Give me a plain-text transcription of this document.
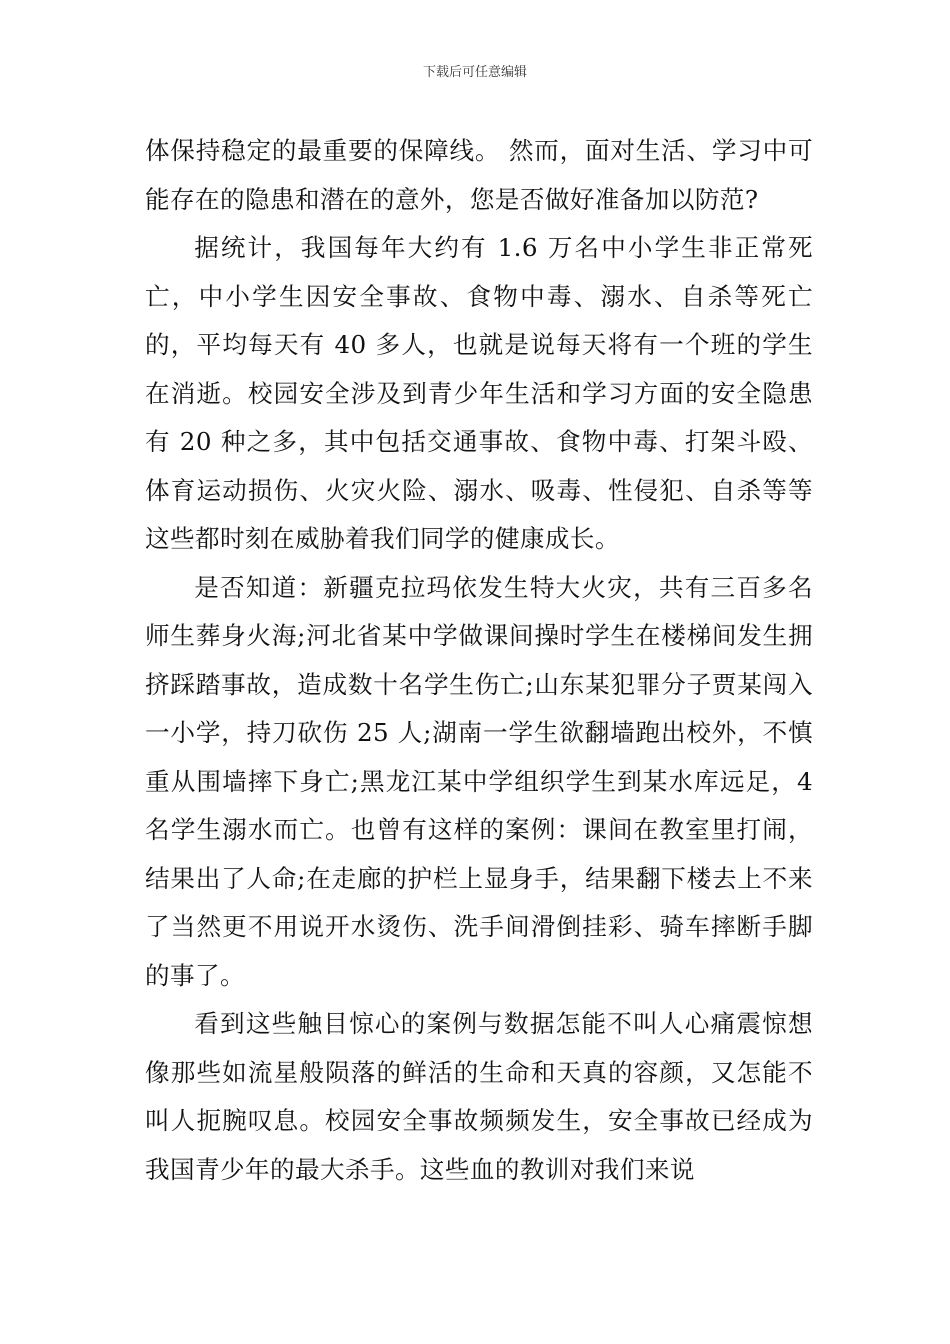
下载后可任意编辑

体保持稳定的最重要的保障线。 然而，面对生活、学习中可能存在的隐患和潜在的意外，您是否做好准备加以防范?

据统计，我国每年大约有 1.6 万名中小学生非正常死亡，中小学生因安全事故、食物中毒、溺水、自杀等死亡的，平均每天有 40 多人，也就是说每天将有一个班的学生在消逝。校园安全涉及到青少年生活和学习方面的安全隐患有 20 种之多，其中包括交通事故、食物中毒、打架斗殴、体育运动损伤、火灾火险、溺水、吸毒、性侵犯、自杀等等这些都时刻在威胁着我们同学的健康成长。

是否知道：新疆克拉玛依发生特大火灾，共有三百多名师生葬身火海;河北省某中学做课间操时学生在楼梯间发生拥挤踩踏事故，造成数十名学生伤亡;山东某犯罪分子贾某闯入一小学，持刀砍伤 25 人;湖南一学生欲翻墙跑出校外，不慎重从围墙摔下身亡;黑龙江某中学组织学生到某水库远足，4 名学生溺水而亡。也曾有这样的案例：课间在教室里打闹，结果出了人命;在走廊的护栏上显身手，结果翻下楼去上不来了当然更不用说开水烫伤、洗手间滑倒挂彩、骑车摔断手脚的事了。

看到这些触目惊心的案例与数据怎能不叫人心痛震惊想像那些如流星般陨落的鲜活的生命和天真的容颜，又怎能不叫人扼腕叹息。校园安全事故频频发生，安全事故已经成为我国青少年的最大杀手。这些血的教训对我们来说
